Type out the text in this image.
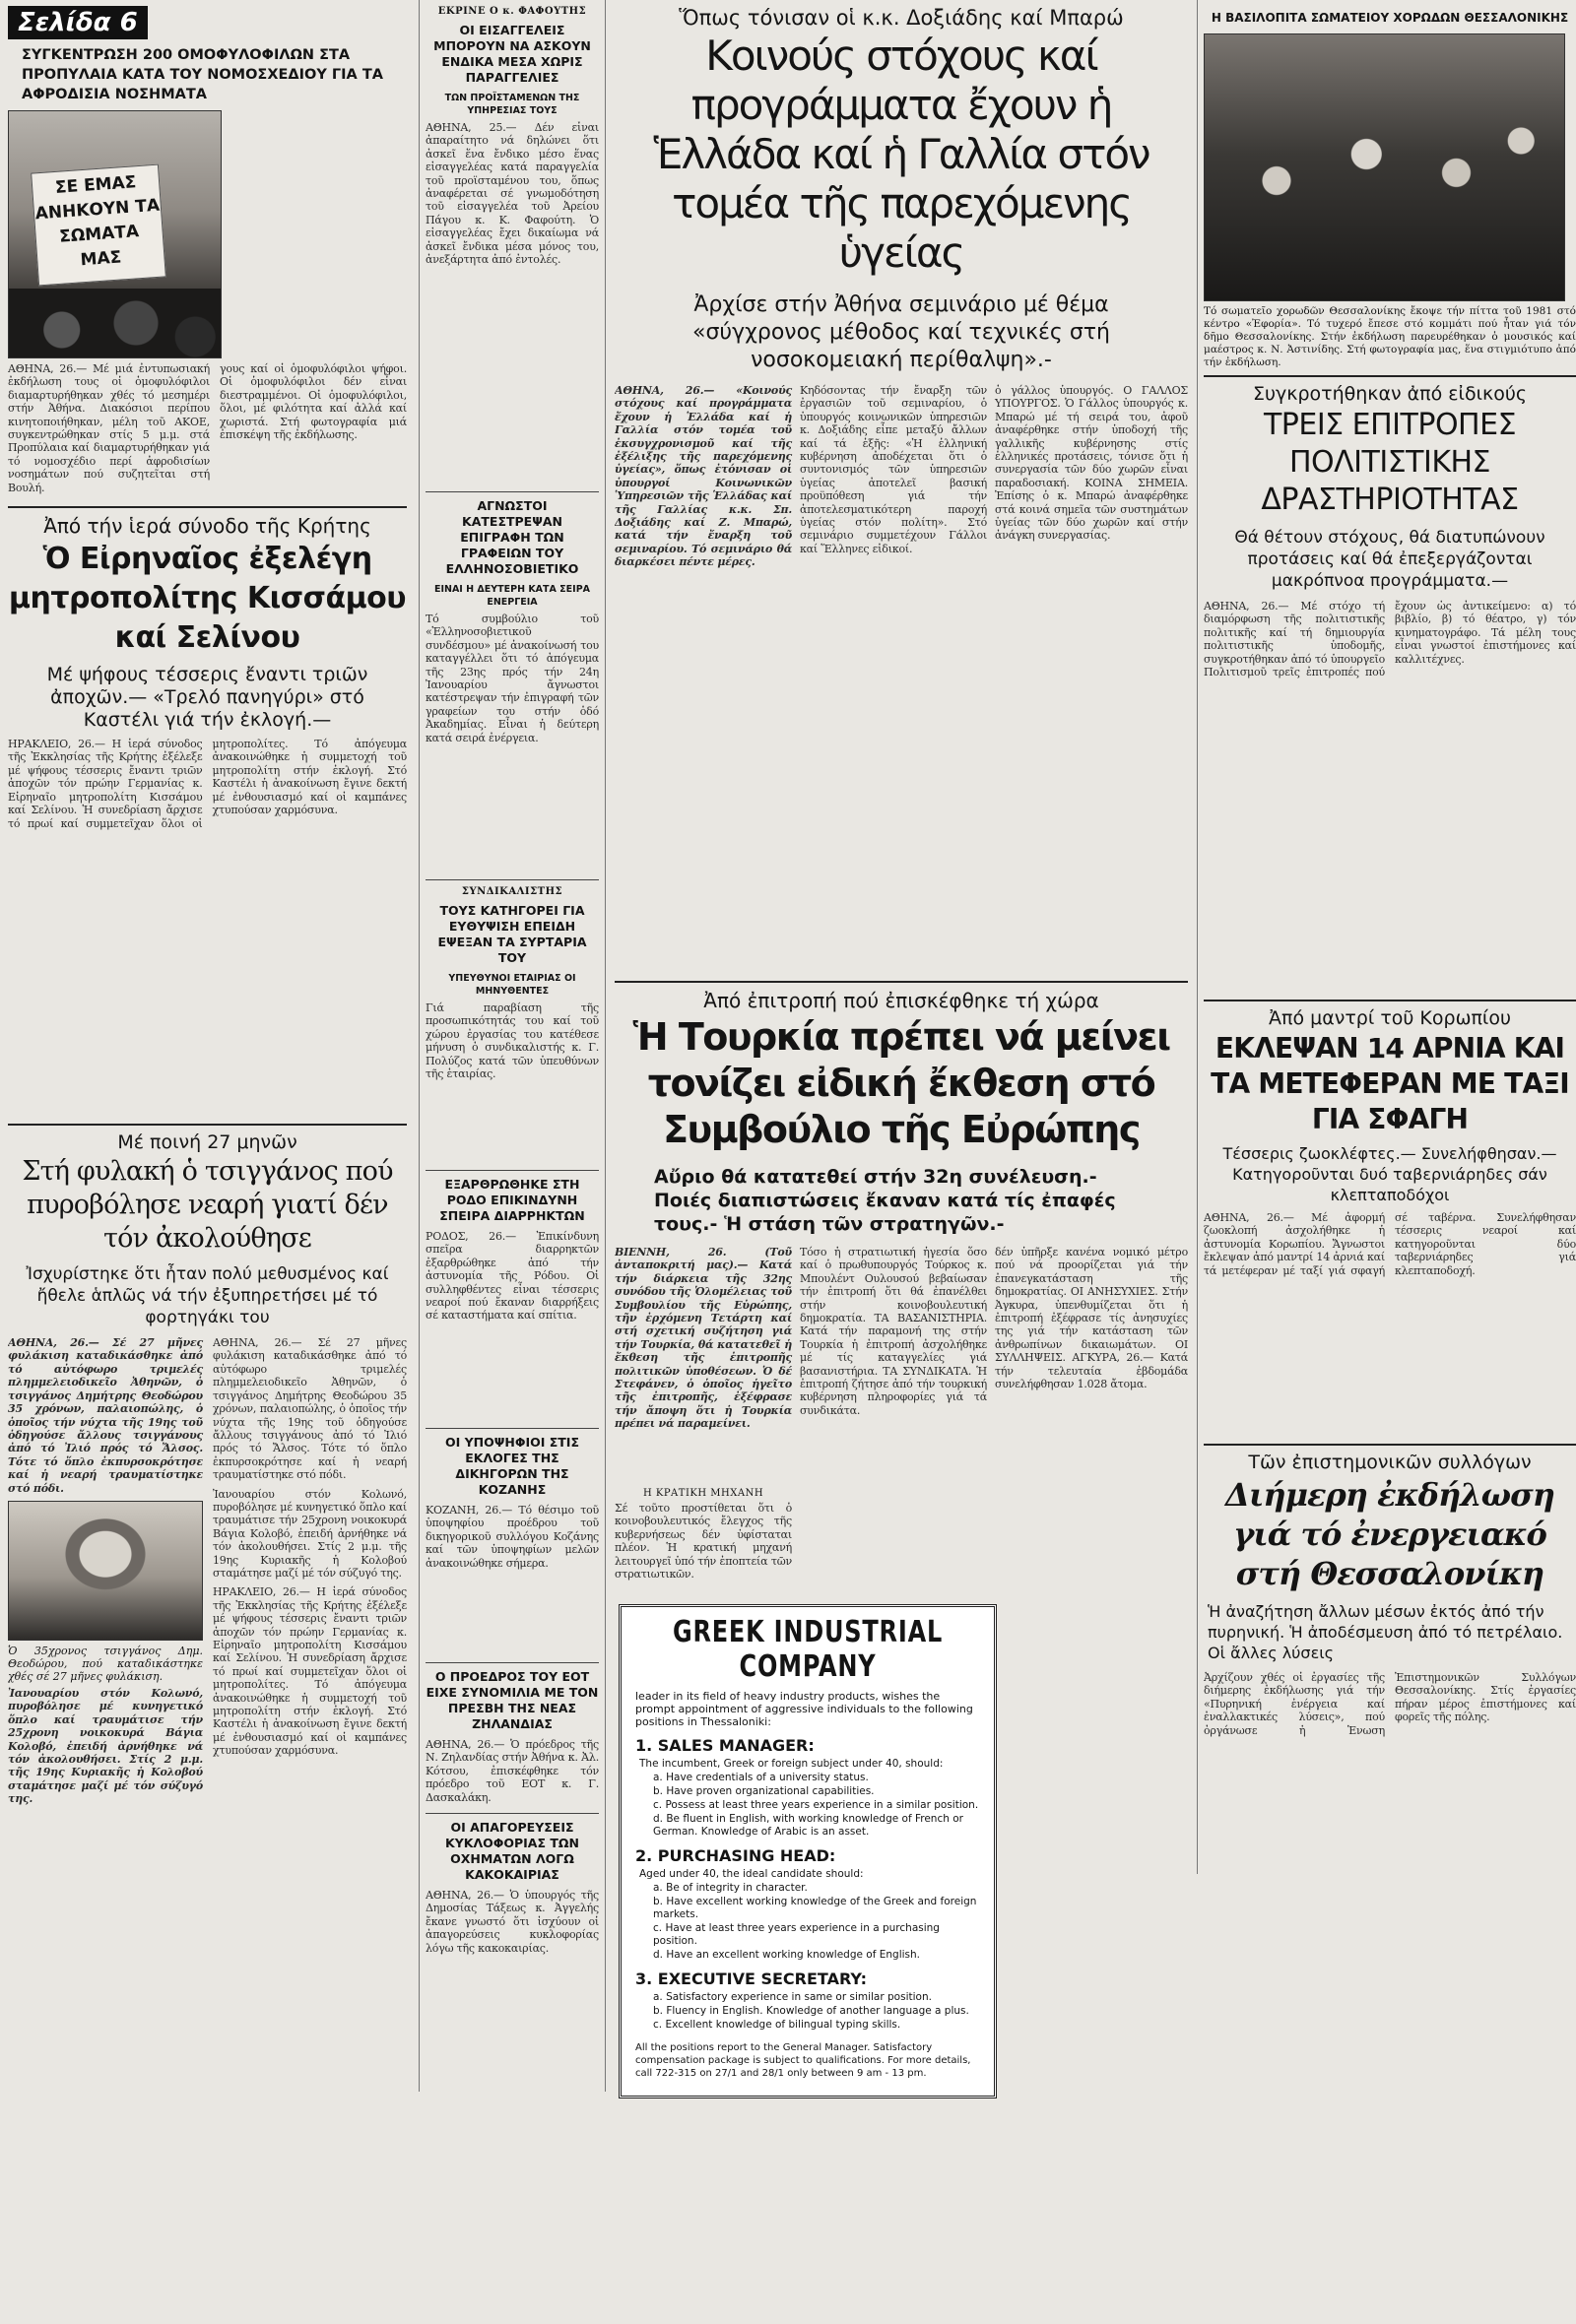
Σελίδα 6
ΣΥΓΚΕΝΤΡΩΣΗ 200 ΟΜΟΦΥΛΟΦΙΛΩΝ ΣΤΑ ΠΡΟΠΥΛΑΙΑ ΚΑΤΑ ΤΟΥ ΝΟΜΟΣΧΕΔΙΟΥ ΓΙΑ ΤΑ ΑΦΡΟΔΙΣΙΑ ΝΟΣΗΜΑΤΑ
ΣΕ ΕΜΑΣ ΑΝΗΚΟΥΝ ΤΑ ΣΩΜΑΤΑ ΜΑΣ

ΑΘΗΝΑ, 26.— Μέ μιά ἐντυπωσιακή ἐκδήλωση τους οἱ ὁμοφυλόφιλοι διαμαρτυρήθηκαν χθές τό μεσημέρι στήν Ἀθήνα. Διακόσιοι περίπου κινητοποιήθηκαν, μέλη τοῦ ΑΚΟΕ, συγκεντρώθηκαν στίς 5 μ.μ. στά Προπύλαια καί διαμαρτυρήθηκαν γιά τό νομοσχέδιο περί ἀφροδισίων νοσημάτων πού συζητεῖται στή Βουλή.

γους καί οἱ ὁμοφυλόφιλοι ψήφοι. Οἱ ὁμοφυλόφιλοι δέν εἶναι διεστραμμένοι. Οἱ ὁμοφυλόφιλοι, ὅλοι, μέ φιλότητα καί ἀλλά καί χωριστά. Στή φωτογραφία μιά ἐπισκέψη τῆς ἐκδήλωσης.

Ἀπό τήν ἱερά σύνοδο τῆς Κρήτης
Ὁ Εἰρηναῖος ἐξελέγη μητροπολίτης Κισσάμου καί Σελίνου
Μέ ψήφους τέσσερις ἔναντι τριῶν ἀποχῶν.— «Τρελό πανηγύρι» στό Καστέλι γιά τήν ἐκλογή.—

ΗΡΑΚΛΕΙΟ, 26.— Η ἱερά σύνοδος τῆς Ἐκκλησίας τῆς Κρήτης ἐξέλεξε μέ ψήφους τέσσερις ἔναντι τριῶν ἀποχῶν τόν πρώην Γερμανίας κ. Εἰρηναῖο μητροπολίτη Κισσάμου καί Σελίνου. Ἡ συνεδρίαση ἄρχισε τό πρωί καί συμμετεῖχαν ὅλοι οἱ μητροπολίτες. Τό ἀπόγευμα ἀνακοινώθηκε ἡ συμμετοχή τοῦ μητροπολίτη στήν ἐκλογή. Στό Καστέλι ἡ ἀνακοίνωση ἔγινε δεκτή μέ ἐνθουσιασμό καί οἱ καμπάνες χτυπούσαν χαρμόσυνα.

Μέ ποινή 27 μηνῶν
Στή φυλακή ὁ τσιγγάνος πού πυροβόλησε νεαρή γιατί δέν τόν ἀκολούθησε
Ἰσχυρίστηκε ὅτι ἦταν πολύ μεθυσμένος καί ἤθελε ἁπλῶς νά τήν ἐξυπηρετήσει μέ τό φορτηγάκι του

ΑΘΗΝΑ, 26.— Σέ 27 μῆνες φυλάκιση καταδικάσθηκε ἀπό τό αὐτόφωρο τριμελές πλημμελειοδικεῖο Ἀθηνῶν, ὁ τσιγγάνος Δημήτρης Θεοδώρου 35 χρόνων, παλαιοπώλης, ὁ ὁποῖος τήν νύχτα τῆς 19ης τοῦ ὁδηγούσε ἄλλους τσιγγάνους ἀπό τό Ἰλιό πρός τό Ἄλσος. Τότε τό ὅπλο ἐκπυρσοκρότησε καί ἡ νεαρή τραυματίστηκε στό πόδι.

Ὁ 35χρονος τσιγγάνος Δημ. Θεοδώρου, πού καταδικάστηκε χθές σέ 27 μῆνες φυλάκιση.

Ἰανουαρίου στόν Κολωνό, πυροβόλησε μέ κυνηγετικό ὅπλο καί τραυμάτισε τήν 25χρονη νοικοκυρά Βάγια Κολοβό, ἐπειδή ἀρνήθηκε νά τόν ἀκολουθήσει. Στίς 2 μ.μ. τῆς 19ης Κυριακῆς ἡ Κολοβού σταμάτησε μαζί μέ τόν σύζυγό της.

ΑΘΗΝΑ, 26.— Σέ 27 μῆνες φυλάκιση καταδικάσθηκε ἀπό τό αὐτόφωρο τριμελές πλημμελειοδικεῖο Ἀθηνῶν, ὁ τσιγγάνος Δημήτρης Θεοδώρου 35 χρόνων, παλαιοπώλης, ὁ ὁποῖος τήν νύχτα τῆς 19ης τοῦ ὁδηγούσε ἄλλους τσιγγάνους ἀπό τό Ἰλιό πρός τό Ἄλσος. Τότε τό ὅπλο ἐκπυρσοκρότησε καί ἡ νεαρή τραυματίστηκε στό πόδι.

Ἰανουαρίου στόν Κολωνό, πυροβόλησε μέ κυνηγετικό ὅπλο καί τραυμάτισε τήν 25χρονη νοικοκυρά Βάγια Κολοβό, ἐπειδή ἀρνήθηκε νά τόν ἀκολουθήσει. Στίς 2 μ.μ. τῆς 19ης Κυριακῆς ἡ Κολοβού σταμάτησε μαζί μέ τόν σύζυγό της.

ΗΡΑΚΛΕΙΟ, 26.— Η ἱερά σύνοδος τῆς Ἐκκλησίας τῆς Κρήτης ἐξέλεξε μέ ψήφους τέσσερις ἔναντι τριῶν ἀποχῶν τόν πρώην Γερμανίας κ. Εἰρηναῖο μητροπολίτη Κισσάμου καί Σελίνου. Ἡ συνεδρίαση ἄρχισε τό πρωί καί συμμετεῖχαν ὅλοι οἱ μητροπολίτες. Τό ἀπόγευμα ἀνακοινώθηκε ἡ συμμετοχή τοῦ μητροπολίτη στήν ἐκλογή. Στό Καστέλι ἡ ἀνακοίνωση ἔγινε δεκτή μέ ἐνθουσιασμό καί οἱ καμπάνες χτυπούσαν χαρμόσυνα.

ΕΚΡΙΝΕ Ο κ. ΦΑΦΟΥΤΗΣ
ΟΙ ΕΙΣΑΓΓΕΛΕΙΣ ΜΠΟΡΟΥΝ ΝΑ ΑΣΚΟΥΝ ΕΝΔΙΚΑ ΜΕΣΑ ΧΩΡΙΣ ΠΑΡΑΓΓΕΛΙΕΣ
ΤΩΝ ΠΡΟΪΣΤΑΜΕΝΩΝ ΤΗΣ ΥΠΗΡΕΣΙΑΣ ΤΟΥΣ

ΑΘΗΝΑ, 25.— Δέν εἶναι ἀπαραίτητο νά δηλώνει ὅτι ἀσκεῖ ἕνα ἔνδικο μέσο ἕνας εἰσαγγελέας κατά παραγγελία τοῦ προϊσταμένου του, ὅπως ἀναφέρεται σέ γνωμοδότηση τοῦ εἰσαγγελέα τοῦ Ἀρείου Πάγου κ. Κ. Φαφούτη. Ὁ εἰσαγγελέας ἔχει δικαίωμα νά ἀσκεῖ ἔνδικα μέσα μόνος του, ἀνεξάρτητα ἀπό ἐντολές.

ΑΓΝΩΣΤΟΙ ΚΑΤΕΣΤΡΕΨΑΝ ΕΠΙΓΡΑΦΗ ΤΩΝ ΓΡΑΦΕΙΩΝ ΤΟΥ ΕΛΛΗΝΟΣΟΒΙΕΤΙΚΟ
ΕΙΝΑΙ Η ΔΕΥΤΕΡΗ ΚΑΤΑ ΣΕΙΡΑ ΕΝΕΡΓΕΙΑ

Τό συμβούλιο τοῦ «Ἑλληνοσοβιετικοῦ συνδέσμου» μέ ἀνακοίνωσή του καταγγέλλει ὅτι τό ἀπόγευμα τῆς 23ης πρός τήν 24η Ἰανουαρίου ἄγνωστοι κατέστρεψαν τήν ἐπιγραφή τῶν γραφείων του στήν ὁδό Ἀκαδημίας. Εἶναι ἡ δεύτερη κατά σειρά ἐνέργεια.

ΣΥΝΔΙΚΑΛΙΣΤΗΣ
ΤΟΥΣ ΚΑΤΗΓΟΡΕΙ ΓΙΑ ΕΥΘΥΨΙΣΗ ΕΠΕΙΔΗ ΕΨΕΞΑΝ ΤΑ ΣΥΡΤΑΡΙΑ ΤΟΥ
ΥΠΕΥΘΥΝΟΙ ΕΤΑΙΡΙΑΣ ΟΙ ΜΗΝΥΘΕΝΤΕΣ

Γιά παραβίαση τῆς προσωπικότητάς του καί τοῦ χώρου ἐργασίας του κατέθεσε μήνυση ὁ συνδικαλιστής κ. Γ. Πολύζος κατά τῶν ὑπευθύνων τῆς ἑταιρίας.

ΕΞΑΡΘΡΩΘΗΚΕ ΣΤΗ ΡΟΔΟ ΕΠΙΚΙΝΔΥΝΗ ΣΠΕΙΡΑ ΔΙΑΡΡΗΚΤΩΝ

ΡΟΔΟΣ, 26.— Ἐπικίνδυνη σπεῖρα διαρρηκτῶν ἐξαρθρώθηκε ἀπό τήν ἀστυνομία τῆς Ρόδου. Οἱ συλληφθέντες εἶναι τέσσερις νεαροί πού ἔκαναν διαρρήξεις σέ καταστήματα καί σπίτια.

ΟΙ ΥΠΟΨΗΦΙΟΙ ΣΤΙΣ ΕΚΛΟΓΕΣ ΤΗΣ ΔΙΚΗΓΟΡΩΝ ΤΗΣ ΚΟΖΑΝΗΣ

ΚΟΖΑΝΗ, 26.— Τό θέσιμο τοῦ ὑποψηφίου προέδρου τοῦ δικηγορικοῦ συλλόγου Κοζάνης καί τῶν ὑποψηφίων μελῶν ἀνακοινώθηκε σήμερα.

Ο ΠΡΟΕΔΡΟΣ ΤΟΥ ΕΟΤ ΕΙΧΕ ΣΥΝΟΜΙΛΙΑ ΜΕ ΤΟΝ ΠΡΕΣΒΗ ΤΗΣ ΝΕΑΣ ΖΗΛΑΝΔΙΑΣ

ΑΘΗΝΑ, 26.— Ὁ πρόεδρος τῆς Ν. Ζηλανδίας στήν Ἀθήνα κ. Ἀλ. Κότσου, ἐπισκέφθηκε τόν πρόεδρο τοῦ ΕΟΤ κ. Γ. Δασκαλάκη.

ΟΙ ΑΠΑΓΟΡΕΥΣΕΙΣ ΚΥΚΛΟΦΟΡΙΑΣ ΤΩΝ ΟΧΗΜΑΤΩΝ ΛΟΓΩ ΚΑΚΟΚΑΙΡΙΑΣ

ΑΘΗΝΑ, 26.— Ὁ ὑπουργός τῆς Δημοσίας Τάξεως κ. Ἀγγελής ἔκανε γνωστό ὅτι ἰσχύουν οἱ ἀπαγορεύσεις κυκλοφορίας λόγω τῆς κακοκαιρίας.

Ὅπως τόνισαν οἱ κ.κ. Δοξιάδης καί Μπαρώ
Κοινούς στόχους καί προγράμματα ἔχουν ἡ Ἑλλάδα καί ἡ Γαλλία στόν τομέα τῆς παρεχόμενης ὑγείας
Ἀρχίσε στήν Ἀθήνα σεμινάριο μέ θέμα «σύγχρονος μέθοδος καί τεχνικές στή νοσοκομειακή περίθαλψη».-

ΑΘΗΝΑ, 26.— «Κοινούς στόχους καί προγράμματα ἔχουν ἡ Ἑλλάδα καί ἡ Γαλλία στόν τομέα τοῦ ἐκσυγχρονισμοῦ καί τῆς ἐξέλιξης τῆς παρεχόμενης ὑγείας», ὅπως ἐτόνισαν οἱ ὑπουργοί Κοινωνικῶν Ὑπηρεσιῶν τῆς Ἑλλάδας καί τῆς Γαλλίας κ.κ. Σπ. Δοξιάδης καί Ζ. Μπαρώ, κατά τήν ἔναρξη τοῦ σεμιναρίου. Τό σεμινάριο θά διαρκέσει πέντε μέρες.

Κηδόσοντας τήν ἔναρξη τῶν ἐργασιῶν τοῦ σεμιναρίου, ὁ ὑπουργός κοινωνικῶν ὑπηρεσιῶν κ. Δοξιάδης εἶπε μεταξύ ἄλλων καί τά ἑξῆς: «Ἡ ἑλληνική κυβέρνηση ἀποδέχεται ὅτι ὁ συντονισμός τῶν ὑπηρεσιῶν ὑγείας ἀποτελεῖ βασική προϋπόθεση γιά τήν ἀποτελεσματικότερη παροχή ὑγείας στόν πολίτη». Στό σεμινάριο συμμετέχουν Γάλλοι καί Ἕλληνες εἰδικοί.

ὁ γάλλος ὑπουργός. Ο ΓΑΛΛΟΣ ΥΠΟΥΡΓΟΣ. Ὁ Γάλλος ὑπουργός κ. Μπαρώ μέ τή σειρά του, ἀφοῦ ἀναφέρθηκε στήν ὑποδοχή τῆς γαλλικῆς κυβέρνησης στίς ἑλληνικές προτάσεις, τόνισε ὅτι ἡ συνεργασία τῶν δύο χωρῶν εἶναι παραδοσιακή. ΚΟΙΝΑ ΣΗΜΕΙΑ. Ἐπίσης ὁ κ. Μπαρώ ἀναφέρθηκε στά κοινά σημεῖα τῶν συστημάτων ὑγείας τῶν δύο χωρῶν καί στήν ἀνάγκη συνεργασίας.

Ἀπό ἐπιτροπή πού ἐπισκέφθηκε τή χώρα
Ἡ Τουρκία πρέπει νά μείνει τονίζει εἰδική ἔκθεση στό Συμβούλιο τῆς Εὐρώπης
Αὔριο θά κατατεθεί στήν 32η συνέλευση.- Ποιές διαπιστώσεις ἔκαναν κατά τίς ἐπαφές τους.- Ἡ στάση τῶν στρατηγῶν.-

ΒΙΕΝΝΗ, 26. (Τοῦ ἀνταποκριτή μας).— Κατά τήν διάρκεια τῆς 32ης συνόδου τῆς Ὁλομέλειας τοῦ Συμβουλίου τῆς Εὐρώπης, τῆν ἐρχόμενη Τετάρτη καί στή σχετική συζήτηση γιά τήν Τουρκία, θά κατατεθεῖ ἡ ἔκθεση τῆς ἐπιτροπῆς πολιτικῶν ὑποθέσεων. Ὁ δέ Στεφάνεν, ὁ ὁποῖος ἡγεῖτο τῆς ἐπιτροπῆς, ἐξέφρασε τήν ἄποψη ὅτι ἡ Τουρκία πρέπει νά παραμείνει.

Τόσο ἡ στρατιωτική ἡγεσία ὅσο καί ὁ πρωθυπουργός Τούρκος κ. Μπουλέντ Ουλουσού βεβαίωσαν τήν ἐπιτροπή ὅτι θά ἐπανέλθει στήν κοινοβουλευτική δημοκρατία. ΤΑ ΒΑΣΑΝΙΣΤΗΡΙΑ. Κατά τήν παραμονή της στήν Τουρκία ἡ ἐπιτροπή ἀσχολήθηκε μέ τίς καταγγελίες γιά βασανιστήρια. ΤΑ ΣΥΝΔΙΚΑΤΑ. Ἡ ἐπιτροπή ζήτησε ἀπό τήν τουρκική κυβέρνηση πληροφορίες γιά τά συνδικάτα.

δέν ὑπῆρξε κανένα νομικό μέτρο πού νά προορίζεται γιά τήν ἐπανεγκατάσταση τῆς δημοκρατίας. ΟΙ ΑΝΗΣΥΧΙΕΣ. Στήν Ἀγκυρα, ὑπενθυμίζεται ὅτι ἡ ἐπιτροπή ἐξέφρασε τίς ἀνησυχίες της γιά τήν κατάσταση τῶν ἀνθρωπίνων δικαιωμάτων. ΟΙ ΣΥΛΛΗΨΕΙΣ. ΑΓΚΥΡΑ, 26.— Κατά τήν τελευταία ἐβδομάδα συνελήφθησαν 1.028 ἄτομα.

Η ΚΡΑΤΙΚΗ ΜΗΧΑΝΗ

Σέ τοῦτο προστίθεται ὅτι ὁ κοινοβουλευτικός ἔλεγχος τῆς κυβερνήσεως δέν ὑφίσταται πλέον. Ἡ κρατική μηχανή λειτουργεῖ ὑπό τήν ἐποπτεία τῶν στρατιωτικῶν.

GREEK INDUSTRIAL COMPANY
leader in its field of heavy industry products, wishes the prompt appointment of aggressive individuals to the following positions in Thessaloniki:
1. SALES MANAGER:
The incumbent, Greek or foreign subject under 40, should:
a. Have credentials of a university status.
b. Have proven organizational capabilities.
c. Possess at least three years experience in a similar position.
d. Be fluent in English, with working knowledge of French or German. Knowledge of Arabic is an asset.
2. PURCHASING HEAD:
Aged under 40, the ideal candidate should:
a. Be of integrity in character.
b. Have excellent working knowledge of the Greek and foreign markets.
c. Have at least three years experience in a purchasing position.
d. Have an excellent working knowledge of English.
3. EXECUTIVE SECRETARY:
a. Satisfactory experience in same or similar position.
b. Fluency in English. Knowledge of another language a plus.
c. Excellent knowledge of bilingual typing skills.
All the positions report to the General Manager. Satisfactory compensation package is subject to qualifications. For more details, call 722-315 on 27/1 and 28/1 only between 9 am - 13 pm.
Η ΒΑΣΙΛΟΠΙΤΑ ΣΩΜΑΤΕΙΟΥ ΧΟΡΩΔΩΝ ΘΕΣΣΑΛΟΝΙΚΗΣ

Τό σωματεῖο χορωδῶν Θεσσαλονίκης ἔκοψε τήν πίττα τοῦ 1981 στό κέντρο «Ἐφορία». Τό τυχερό ἔπεσε στό κομμάτι πού ἦταν γιά τόν δῆμο Θεσσαλονίκης. Στήν ἐκδήλωση παρευρέθηκαν ὁ μουσικός καί μαέστρος κ. Ν. Ἀστινίδης. Στή φωτογραφία μας, ἕνα στιγμιότυπο ἀπό τήν ἐκδήλωση.

Συγκροτήθηκαν ἀπό εἰδικούς
ΤΡΕΙΣ ΕΠΙΤΡΟΠΕΣ ΠΟΛΙΤΙΣΤΙΚΗΣ ΔΡΑΣΤΗΡΙΟΤΗΤΑΣ
Θά θέτουν στόχους, θά διατυπώνουν προτάσεις καί θά ἐπεξεργάζονται μακρόπνοα προγράμματα.—

ΑΘΗΝΑ, 26.— Μέ στόχο τή διαμόρφωση τῆς πολιτιστικῆς πολιτικῆς καί τή δημιουργία πολιτιστικῆς ὑποδομῆς, συγκροτήθηκαν ἀπό τό ὑπουργεῖο Πολιτισμοῦ τρεῖς ἐπιτροπές πού ἔχουν ὡς ἀντικείμενο: α) τό βιβλίο, β) τό θέατρο, γ) τόν κινηματογράφο. Τά μέλη τους εἶναι γνωστοί ἐπιστήμονες καί καλλιτέχνες.

Ἀπό μαντρί τοῦ Κορωπίου
ΕΚΛΕΨΑΝ 14 ΑΡΝΙΑ ΚΑΙ ΤΑ ΜΕΤΕΦΕΡΑΝ ΜΕ ΤΑΞΙ ΓΙΑ ΣΦΑΓΗ
Τέσσερις ζωοκλέφτες.— Συνελήφθησαν.— Κατηγοροῦνται δυό ταβερνιάρηδες σάν κλεπταποδόχοι

ΑΘΗΝΑ, 26.— Μέ ἀφορμή ζωοκλοπή ἀσχολήθηκε ἡ ἀστυνομία Κορωπίου. Ἄγνωστοι ἔκλεψαν ἀπό μαντρί 14 ἀρνιά καί τά μετέφεραν μέ ταξί γιά σφαγή σέ ταβέρνα. Συνελήφθησαν τέσσερις νεαροί καί κατηγοροῦνται δύο ταβερνιάρηδες γιά κλεπταποδοχή.

Τῶν ἐπιστημονικῶν συλλόγων
Διήμερη ἐκδήλωση γιά τό ἐνεργειακό στή Θεσσαλονίκη
Ἡ ἀναζήτηση ἄλλων μέσων ἐκτός ἀπό τήν πυρηνική. Ἡ ἀποδέσμευση ἀπό τό πετρέλαιο. Οἱ ἄλλες λύσεις

Ἀρχίζουν χθές οἱ ἐργασίες τῆς διήμερης ἐκδήλωσης γιά τήν «Πυρηνική ἐνέργεια καί ἐναλλακτικές λύσεις», πού ὀργάνωσε ἡ Ἑνωση Ἐπιστημονικῶν Συλλόγων Θεσσαλονίκης. Στίς ἐργασίες πήραν μέρος ἐπιστήμονες καί φορεῖς τῆς πόλης.
